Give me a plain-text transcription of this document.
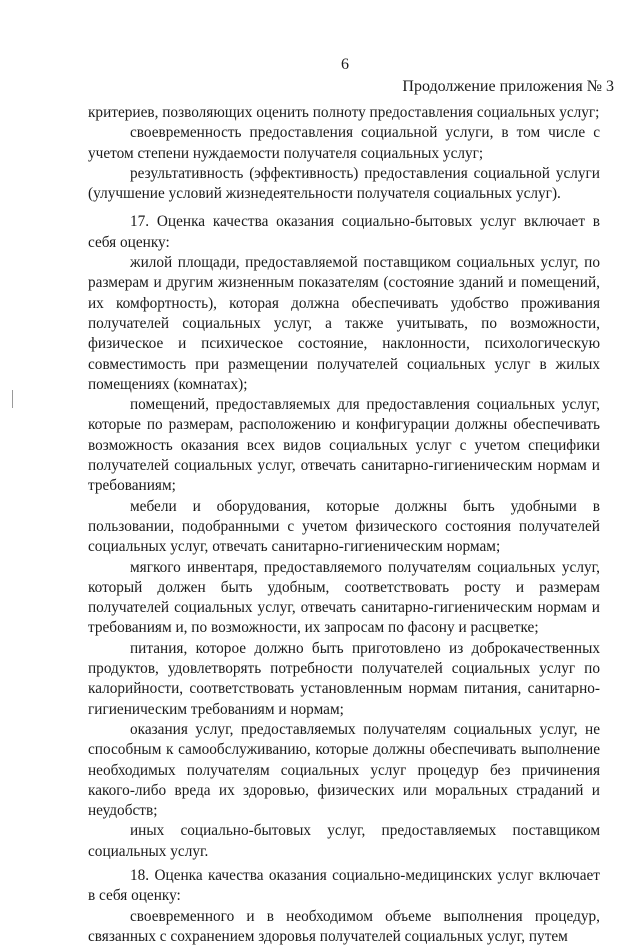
6
Продолжение приложения № 3

критериев, позволяющих оценить полноту предоставления социальных услуг;

своевременность предоставления социальной услуги, в том числе с учетом степени нуждаемости получателя социальных услуг;

результативность (эффективность) предоставления социальной услуги (улучшение условий жизнедеятельности получателя социальных услуг).

17. Оценка качества оказания социально-бытовых услуг включает в себя оценку:

жилой площади, предоставляемой поставщиком социальных услуг, по размерам и другим жизненным показателям (состояние зданий и помещений, их комфортность), которая должна обеспечивать удобство проживания получателей социальных услуг, а также учитывать, по возможности, физическое и психическое состояние, наклонности, психологическую совместимость при размещении получателей социальных услуг в жилых помещениях (комнатах);

помещений, предоставляемых для предоставления социальных услуг, которые по размерам, расположению и конфигурации должны обеспечивать возможность оказания всех видов социальных услуг с учетом специфики получателей социальных услуг, отвечать санитарно-гигиеническим нормам и требованиям;

мебели и оборудования, которые должны быть удобными в пользовании, подобранными с учетом физического состояния получателей социальных услуг, отвечать санитарно-гигиеническим нормам;

мягкого инвентаря, предоставляемого получателям социальных услуг, который должен быть удобным, соответствовать росту и размерам получателей социальных услуг, отвечать санитарно-гигиеническим нормам и требованиям и, по возможности, их запросам по фасону и расцветке;

питания, которое должно быть приготовлено из доброкачественных продуктов, удовлетворять потребности получателей социальных услуг по калорийности, соответствовать установленным нормам питания, санитарно-гигиеническим требованиям и нормам;

оказания услуг, предоставляемых получателям социальных услуг, не способным к самообслуживанию, которые должны обеспечивать выполнение необходимых получателям социальных услуг процедур без причинения какого-либо вреда их здоровью, физических или моральных страданий и неудобств;

иных социально-бытовых услуг, предоставляемых поставщиком социальных услуг.

18. Оценка качества оказания социально-медицинских услуг включает в себя оценку:

своевременного и в необходимом объеме выполнения процедур, связанных с сохранением здоровья получателей социальных услуг, путем
